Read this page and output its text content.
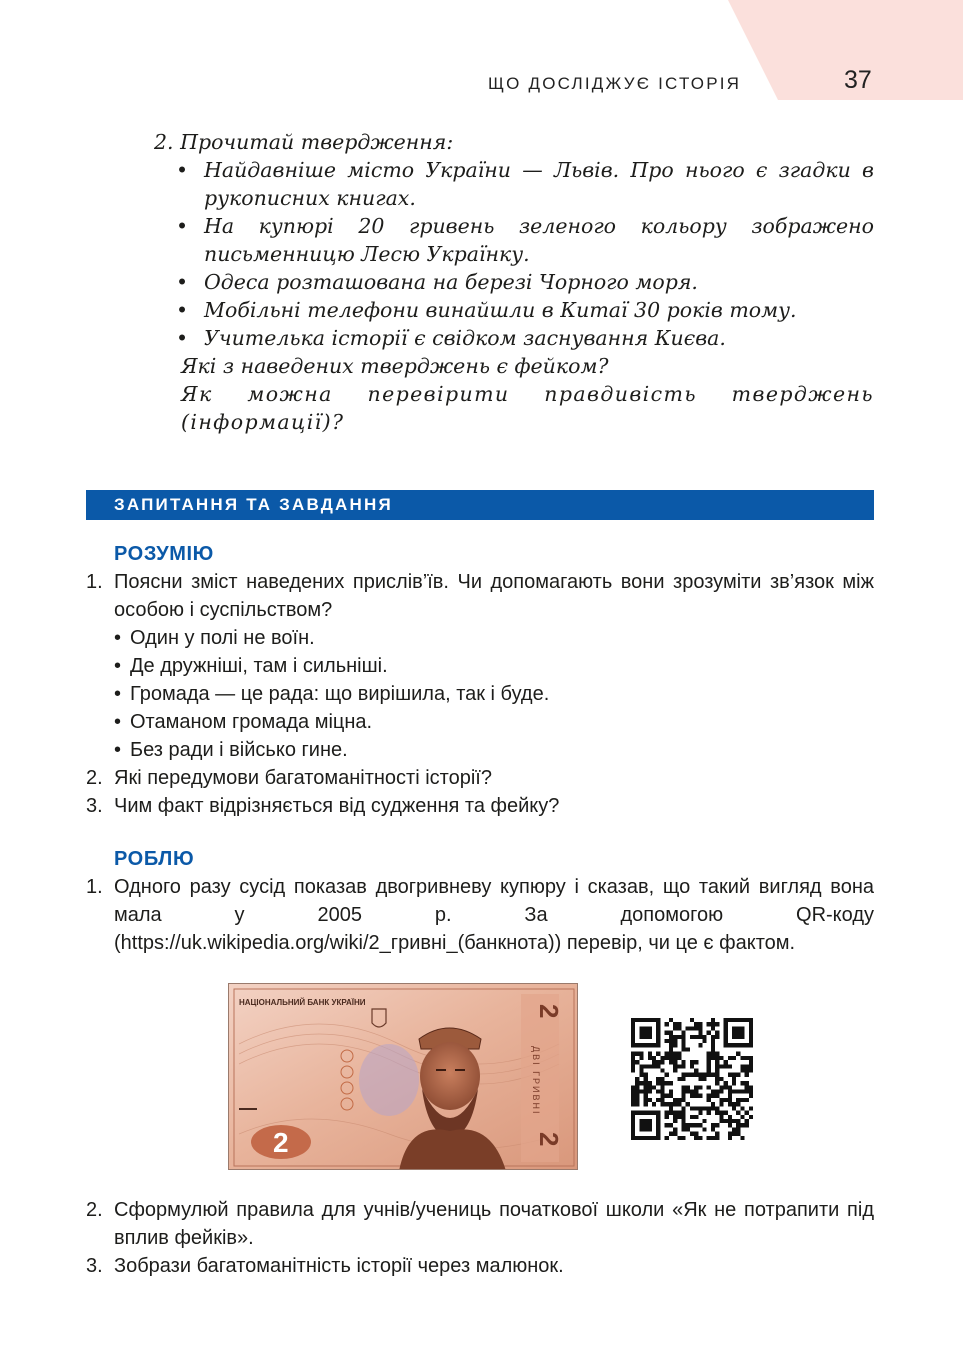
ЩО ДОСЛІДЖУЄ ІСТОРІЯ	37

2. Прочитай твердження:

• Найдавніше місто України — Львів. Про нього є згадки в рукописних книгах.
• На купюрі 20 гривень зеленого кольору зображено письменницю Лесю Українку.
• Одеса розташована на березі Чорного моря.
• Мобільні телефони винайшли в Китаї 30 років тому.
• Учителька історії є свідком заснування Києва.

Які з наведених тверджень є фейком?

Як можна перевірити правдивість тверджень (інформації)?

ЗАПИТАННЯ ТА ЗАВДАННЯ
РОЗУМІЮ
1. Поясни зміст наведених прислів’їв. Чи допомагають вони зрозуміти зв’язок між особою і суспільством?
• Один у полі не воїн.
• Де дружніші, там і сильніші.
• Громада — це рада: що вирішила, так і буде.
• Отаманом громада міцна.
• Без ради і військо гине.
2. Які передумови багатоманітності історії?
3. Чим факт відрізняється від судження та фейку?
РОБЛЮ
1. Одного разу сусід показав двогривневу купюру і сказав, що такий вигляд вона мала у 2005 р. За допомогою QR-коду (https://uk.wikipedia.org/wiki/2_гривні_(банкнота)) перевір, чи це є фактом.
2
ДВІ ГРИВНІ
2
НАЦІОНАЛЬНИЙ БАНК УКРАЇНИ
2
2. Сформулюй правила для учнів/учениць початкової школи «Як не потрапити під вплив фейків».
3. Зобрази багатоманітність історії через малюнок.
